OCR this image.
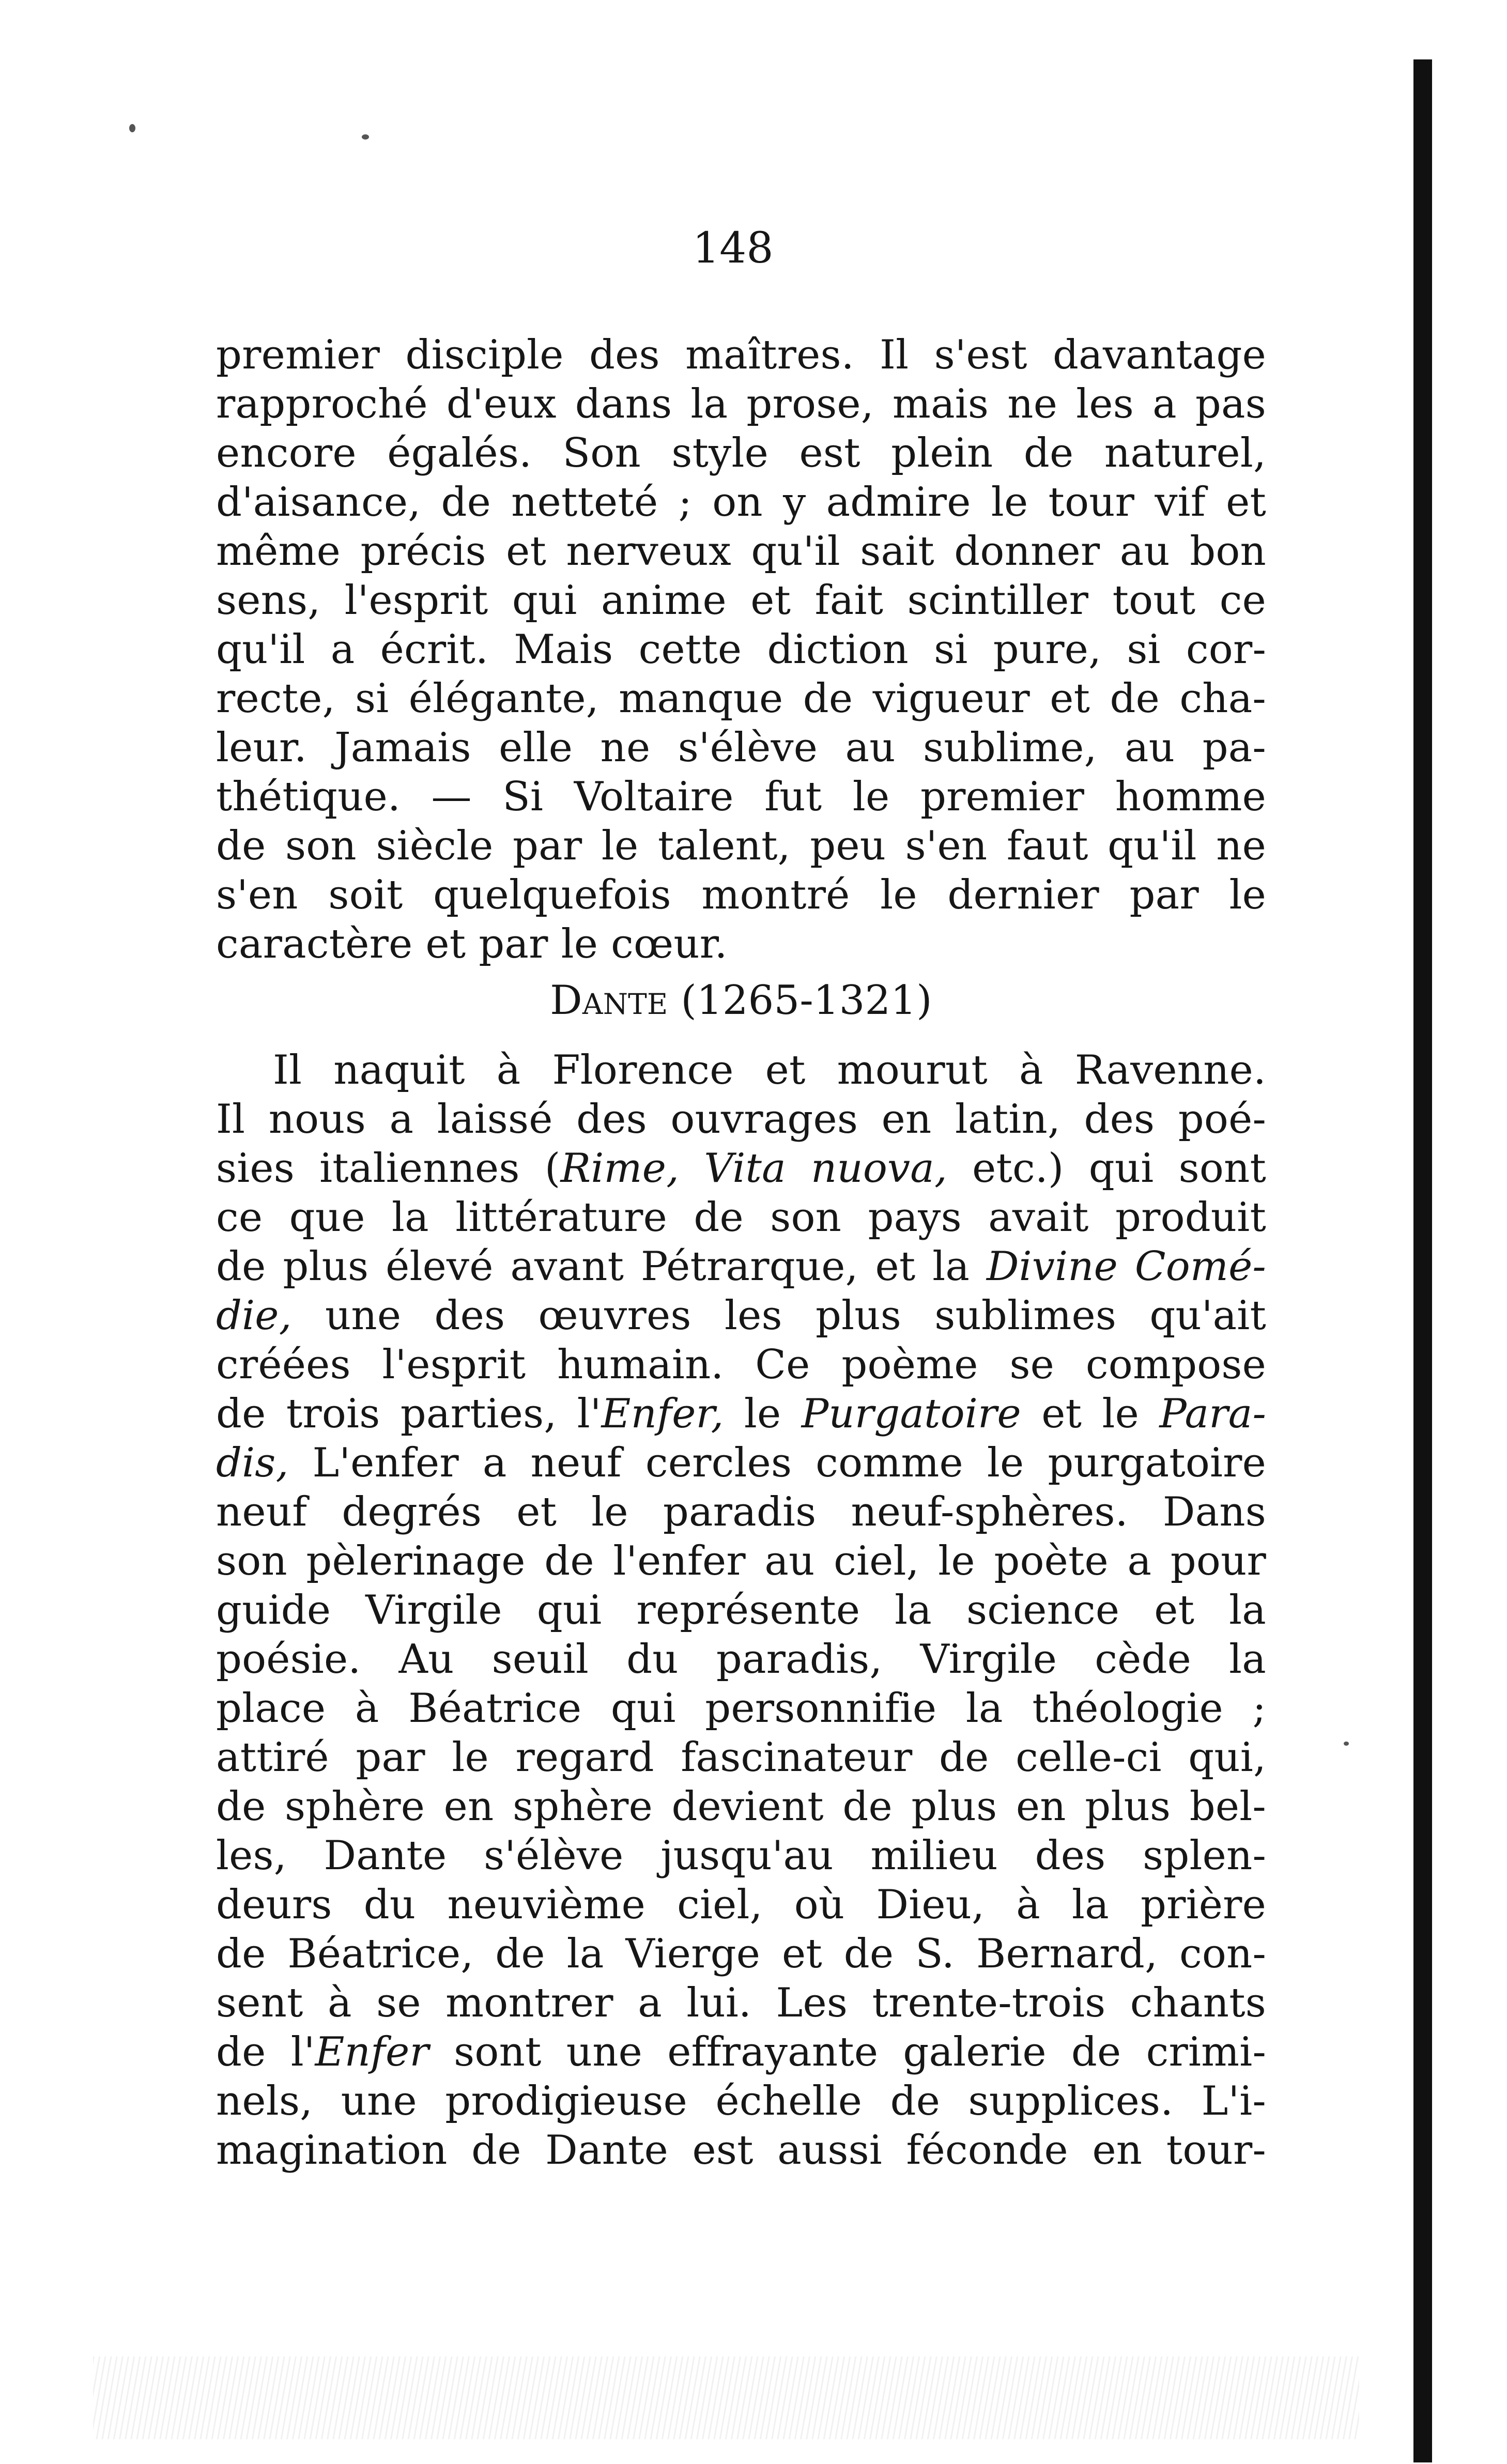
148
premier disciple des maîtres. Il s'est davantage
rapproché d'eux dans la prose, mais ne les a pas
encore égalés. Son style est plein de naturel,
d'aisance, de netteté ; on y admire le tour vif et
même précis et nerveux qu'il sait donner au bon
sens, l'esprit qui anime et fait scintiller tout ce
qu'il a écrit. Mais cette diction si pure, si cor-
recte, si élégante, manque de vigueur et de cha-
leur. Jamais elle ne s'élève au sublime, au pa-
thétique. — Si Voltaire fut le premier homme
de son siècle par le talent, peu s'en faut qu'il ne
s'en soit quelquefois montré le dernier par le
caractère et par le cœur.
Dante (1265-1321)
Il naquit à Florence et mourut à Ravenne.
Il nous a laissé des ouvrages en latin, des poé-
sies italiennes (Rime, Vita nuova, etc.) qui sont
ce que la littérature de son pays avait produit
de plus élevé avant Pétrarque, et la Divine Comé-
die, une des œuvres les plus sublimes qu'ait
créées l'esprit humain. Ce poème se compose
de trois parties, l'Enfer, le Purgatoire et le Para-
dis, L'enfer a neuf cercles comme le purgatoire
neuf degrés et le paradis neuf-sphères. Dans
son pèlerinage de l'enfer au ciel, le poète a pour
guide Virgile qui représente la science et la
poésie. Au seuil du paradis, Virgile cède la
place à Béatrice qui personnifie la théologie ;
attiré par le regard fascinateur de celle-ci qui,
de sphère en sphère devient de plus en plus bel-
les, Dante s'élève jusqu'au milieu des splen-
deurs du neuvième ciel, où Dieu, à la prière
de Béatrice, de la Vierge et de S. Bernard, con-
sent à se montrer a lui. Les trente-trois chants
de l'Enfer sont une effrayante galerie de crimi-
nels, une prodigieuse échelle de supplices. L'i-
magination de Dante est aussi féconde en tour-
